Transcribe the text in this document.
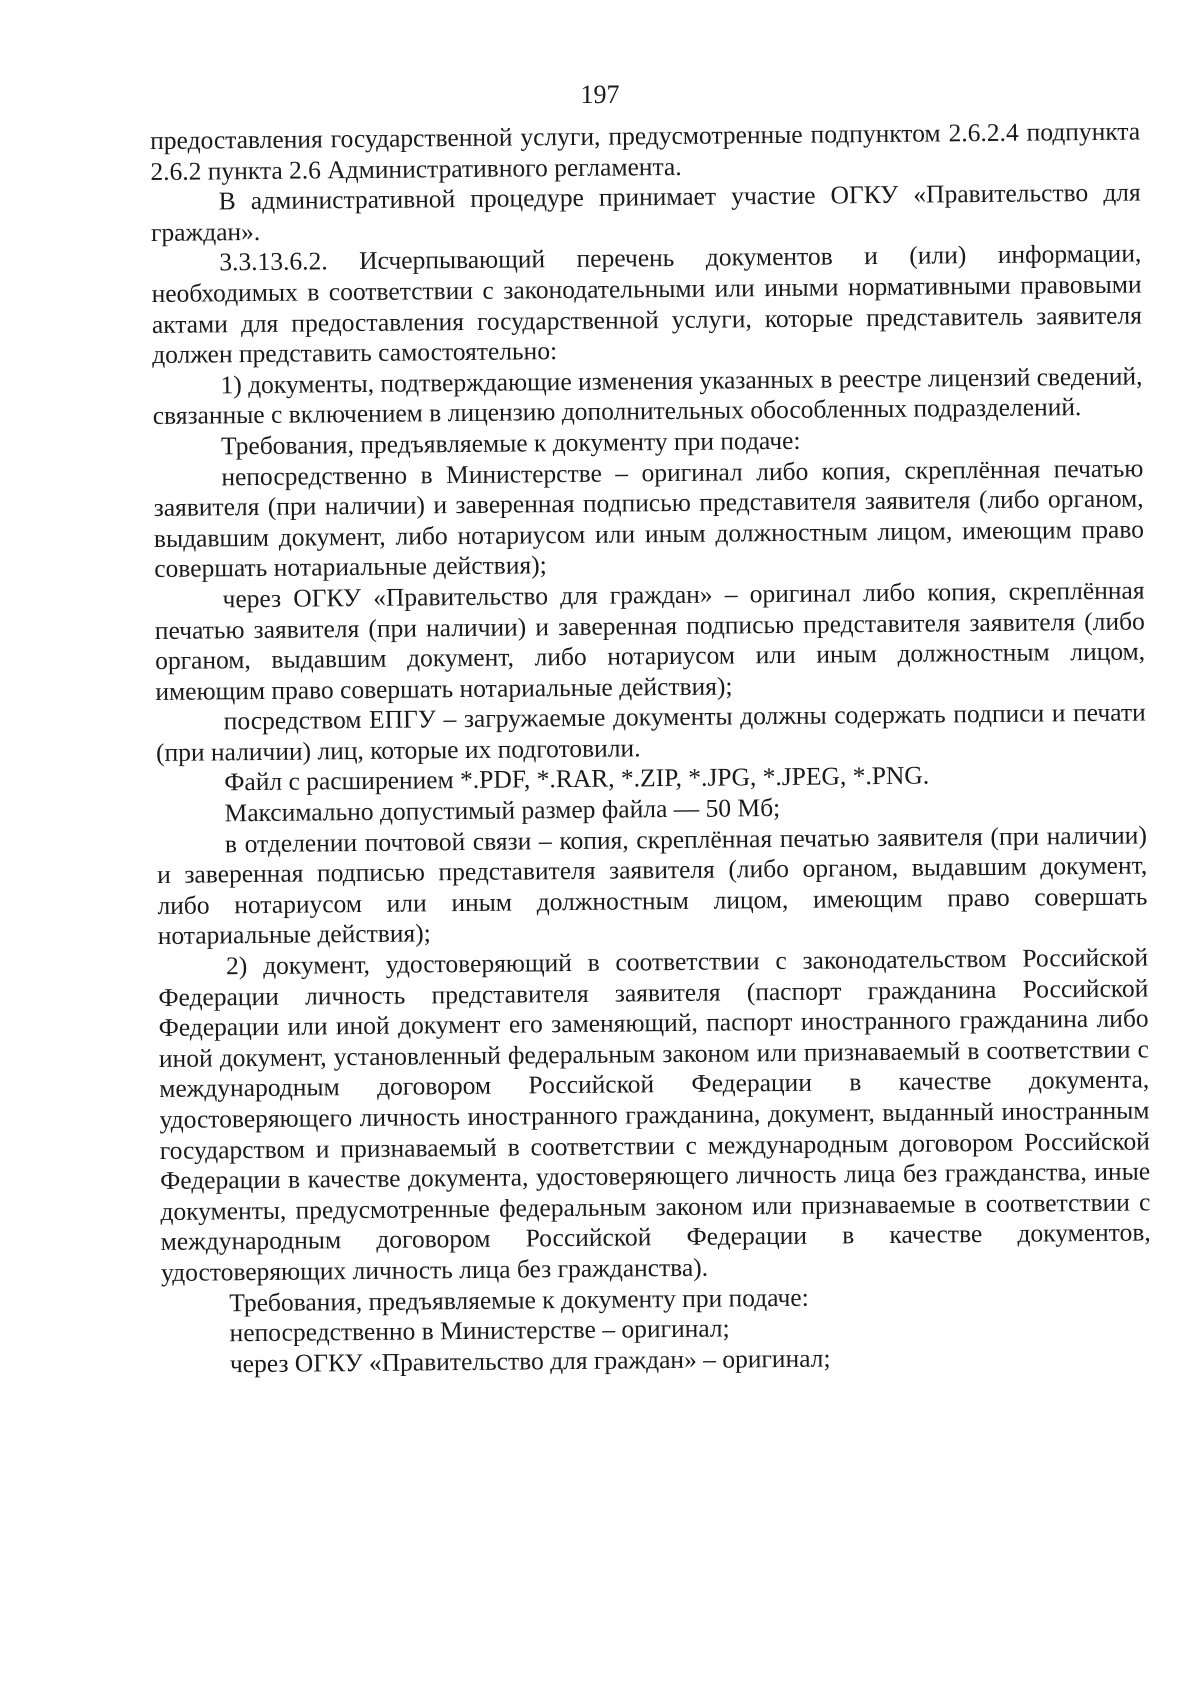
197

предоставления государственной услуги, предусмотренные подпунктом 2.6.2.4 подпункта 2.6.2 пункта 2.6 Административного регламента.

В административной процедуре принимает участие ОГКУ «Правительство для граждан».

3.3.13.6.2. Исчерпывающий перечень документов и (или) информации, необходимых в соответствии с законодательными или иными нормативными правовыми актами для предоставления государственной услуги, которые представитель заявителя должен представить самостоятельно:

1) документы, подтверждающие изменения указанных в реестре лицензий сведений, связанные с включением в лицензию дополнительных обособленных подразделений.

Требования, предъявляемые к документу при подаче:

непосредственно в Министерстве – оригинал либо копия, скреплённая печатью заявителя (при наличии) и заверенная подписью представителя заявителя (либо органом, выдавшим документ, либо нотариусом или иным должностным лицом, имеющим право совершать нотариальные действия);

через ОГКУ «Правительство для граждан» – оригинал либо копия, скреплённая печатью заявителя (при наличии) и заверенная подписью представителя заявителя (либо органом, выдавшим документ, либо нотариусом или иным должностным лицом, имеющим право совершать нотариальные действия);

посредством ЕПГУ – загружаемые документы должны содержать подписи и печати (при наличии) лиц, которые их подготовили.

Файл с расширением *.PDF, *.RAR, *.ZIP, *.JPG, *.JPEG, *.PNG.

Максимально допустимый размер файла — 50 Мб;

в отделении почтовой связи – копия, скреплённая печатью заявителя (при наличии) и заверенная подписью представителя заявителя (либо органом, выдавшим документ, либо нотариусом или иным должностным лицом, имеющим право совершать нотариальные действия);

2) документ, удостоверяющий в соответствии с законодательством Российской Федерации личность представителя заявителя (паспорт гражданина Российской Федерации или иной документ его заменяющий, паспорт иностранного гражданина либо иной документ, установленный федеральным законом или признаваемый в соответствии с международным договором Российской Федерации в качестве документа, удостоверяющего личность иностранного гражданина, документ, выданный иностранным государством и признаваемый в соответствии с международным договором Российской Федерации в качестве документа, удостоверяющего личность лица без гражданства, иные документы, предусмотренные федеральным законом или признаваемые в соответствии с международным договором Российской Федерации в качестве документов, удостоверяющих личность лица без гражданства).

Требования, предъявляемые к документу при подаче:

непосредственно в Министерстве – оригинал;

через ОГКУ «Правительство для граждан» – оригинал;
